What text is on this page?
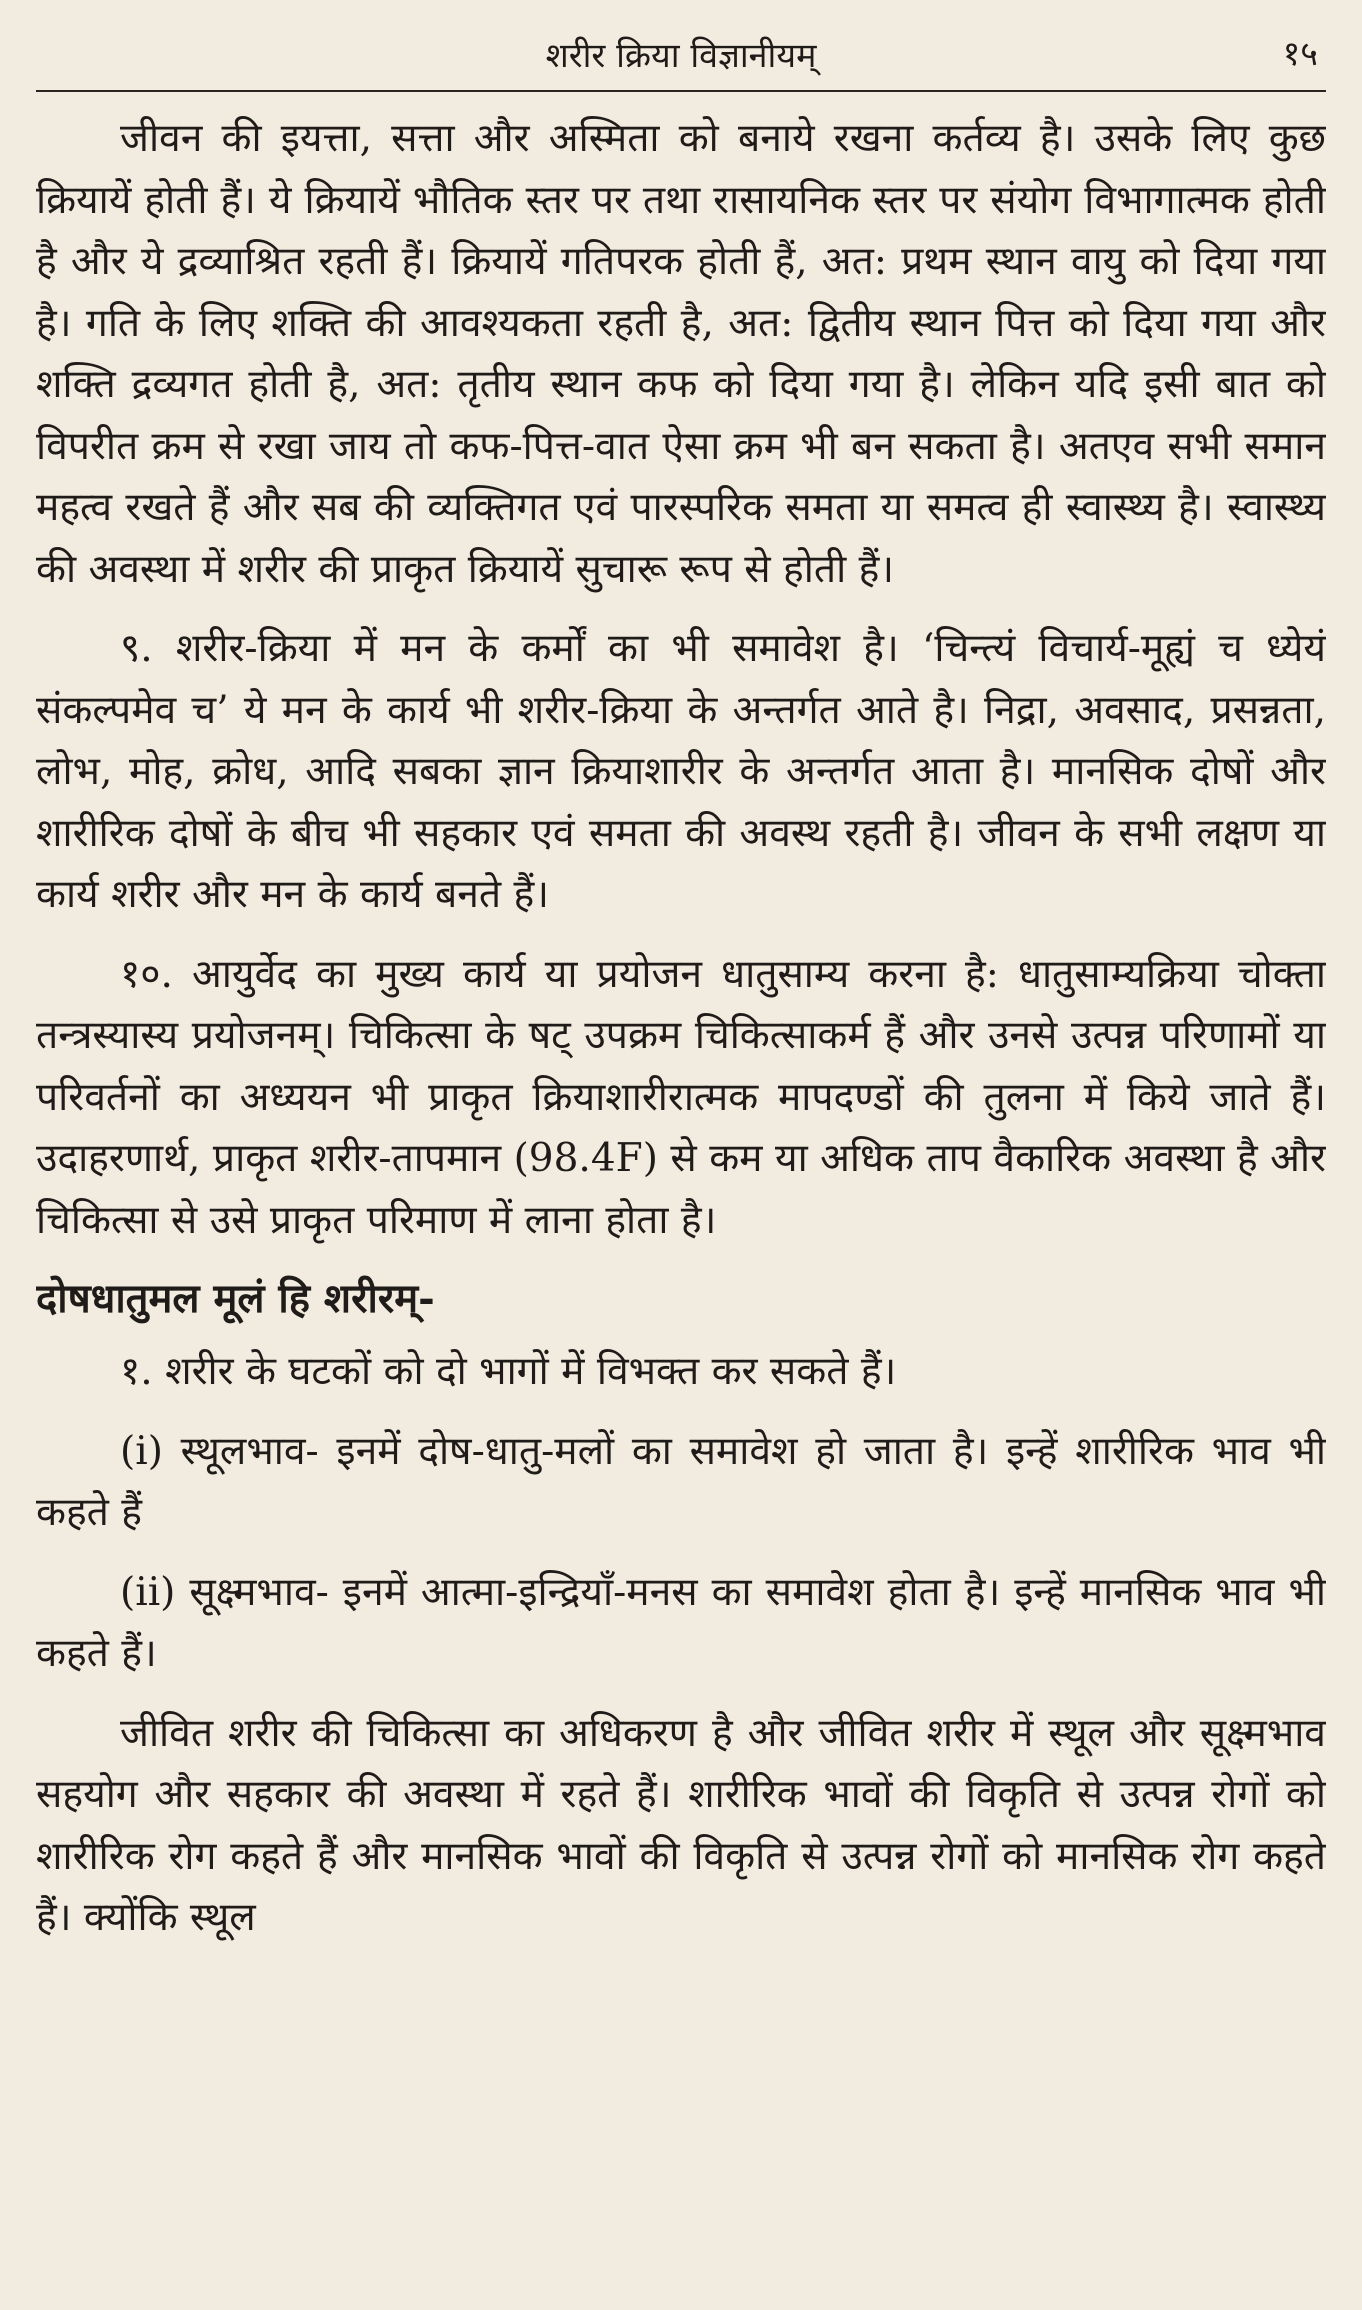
शरीर क्रिया विज्ञानीयम्	१५

जीवन की इयत्ता, सत्ता और अस्मिता को बनाये रखना कर्तव्य है। उसके लिए कुछ क्रियायें होती हैं। ये क्रियायें भौतिक स्तर पर तथा रासायनिक स्तर पर संयोग विभागात्मक होती है और ये द्रव्याश्रित रहती हैं। क्रियायें गतिपरक होती हैं, अत: प्रथम स्थान वायु को दिया गया है। गति के लिए शक्ति की आवश्यकता रहती है, अत: द्वितीय स्थान पित्त को दिया गया और शक्ति द्रव्यगत होती है, अत: तृतीय स्थान कफ को दिया गया है। लेकिन यदि इसी बात को विपरीत क्रम से रखा जाय तो कफ-पित्त-वात ऐसा क्रम भी बन सकता है। अतएव सभी समान महत्व रखते हैं और सब की व्यक्तिगत एवं पारस्परिक समता या समत्व ही स्वास्थ्य है। स्वास्थ्य की अवस्था में शरीर की प्राकृत क्रियायें सुचारू रूप से होती हैं।

९. शरीर-क्रिया में मन के कर्मों का भी समावेश है। ‘चिन्त्यं विचार्य-मूह्यं च ध्येयं संकल्पमेव च’ ये मन के कार्य भी शरीर-क्रिया के अन्तर्गत आते है। निद्रा, अवसाद, प्रसन्नता, लोभ, मोह, क्रोध, आदि सबका ज्ञान क्रियाशारीर के अन्तर्गत आता है। मानसिक दोषों और शारीरिक दोषों के बीच भी सहकार एवं समता की अवस्थ रहती है। जीवन के सभी लक्षण या कार्य शरीर और मन के कार्य बनते हैं।

१०. आयुर्वेद का मुख्य कार्य या प्रयोजन धातुसाम्य करना है: धातुसाम्यक्रिया चोक्ता तन्त्रस्यास्य प्रयोजनम्। चिकित्सा के षट् उपक्रम चिकित्साकर्म हैं और उनसे उत्पन्न परिणामों या परिवर्तनों का अध्ययन भी प्राकृत क्रियाशारीरात्मक मापदण्डों की तुलना में किये जाते हैं। उदाहरणार्थ, प्राकृत शरीर-तापमान (98.4F) से कम या अधिक ताप वैकारिक अवस्था है और चिकित्सा से उसे प्राकृत परिमाण में लाना होता है।

दोषधातुमल मूलं हि शरीरम्-

१. शरीर के घटकों को दो भागों में विभक्त कर सकते हैं।

(i) स्थूलभाव- इनमें दोष-धातु-मलों का समावेश हो जाता है। इन्हें शारीरिक भाव भी कहते हैं

(ii) सूक्ष्मभाव- इनमें आत्मा-इन्द्रियाँ-मनस का समावेश होता है। इन्हें मानसिक भाव भी कहते हैं।

जीवित शरीर की चिकित्सा का अधिकरण है और जीवित शरीर में स्थूल और सूक्ष्मभाव सहयोग और सहकार की अवस्था में रहते हैं। शारीरिक भावों की विकृति से उत्पन्न रोगों को शारीरिक रोग कहते हैं और मानसिक भावों की विकृति से उत्पन्न रोगों को मानसिक रोग कहते हैं। क्योंकि स्थूल
